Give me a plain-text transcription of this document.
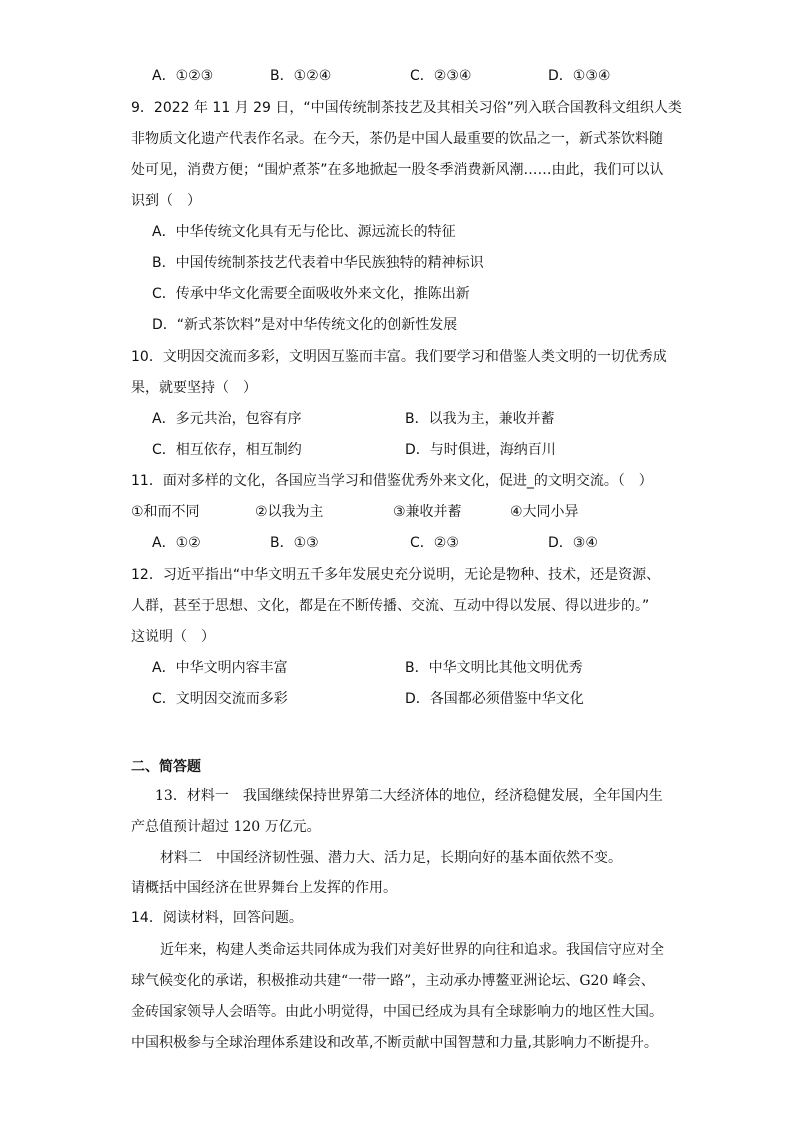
A．①②③	B．①②④	C．②③④	D．①③④
9．2022 年 11 月 29 日，“中国传统制茶技艺及其相关习俗”列入联合国教科文组织人类
非物质文化遗产代表作名录。在今天，茶仍是中国人最重要的饮品之一，新式茶饮料随
处可见，消费方便；“围炉煮茶”在多地掀起一股冬季消费新风潮……由此，我们可以认
识到（　）
A．中华传统文化具有无与伦比、源远流长的特征
B．中国传统制茶技艺代表着中华民族独特的精神标识
C．传承中华文化需要全面吸收外来文化，推陈出新
D．“新式茶饮料”是对中华传统文化的创新性发展
10．文明因交流而多彩，文明因互鉴而丰富。我们要学习和借鉴人类文明的一切优秀成
果，就要坚持（　）
A．多元共治，包容有序	B．以我为主，兼收并蓄
C．相互依存，相互制约	D．与时俱进，海纳百川
11．面对多样的文化，各国应当学习和借鉴优秀外来文化，促进_的文明交流。（　）
①和而不同	②以我为主	③兼收并蓄	④大同小异
A．①②	B．①③	C．②③	D．③④
12．习近平指出“中华文明五千多年发展史充分说明，无论是物种、技术，还是资源、
人群，甚至于思想、文化，都是在不断传播、交流、互动中得以发展、得以进步的。”
这说明（　）
A．中华文明内容丰富	B．中华文明比其他文明优秀
C．文明因交流而多彩	D．各国都必须借鉴中华文化
二、简答题
13．材料一　我国继续保持世界第二大经济体的地位，经济稳健发展，全年国内生
产总值预计超过 120 万亿元。
材料二　中国经济韧性强、潜力大、活力足，长期向好的基本面依然不变。
请概括中国经济在世界舞台上发挥的作用。
14．阅读材料，回答问题。
近年来，构建人类命运共同体成为我们对美好世界的向往和追求。我国信守应对全
球气候变化的承诺，积极推动共建“一带一路”，主动承办博鳌亚洲论坛、G20 峰会、
金砖国家领导人会晤等。由此小明觉得，中国已经成为具有全球影响力的地区性大国。
中国积极参与全球治理体系建设和改革,不断贡献中国智慧和力量,其影响力不断提升。
